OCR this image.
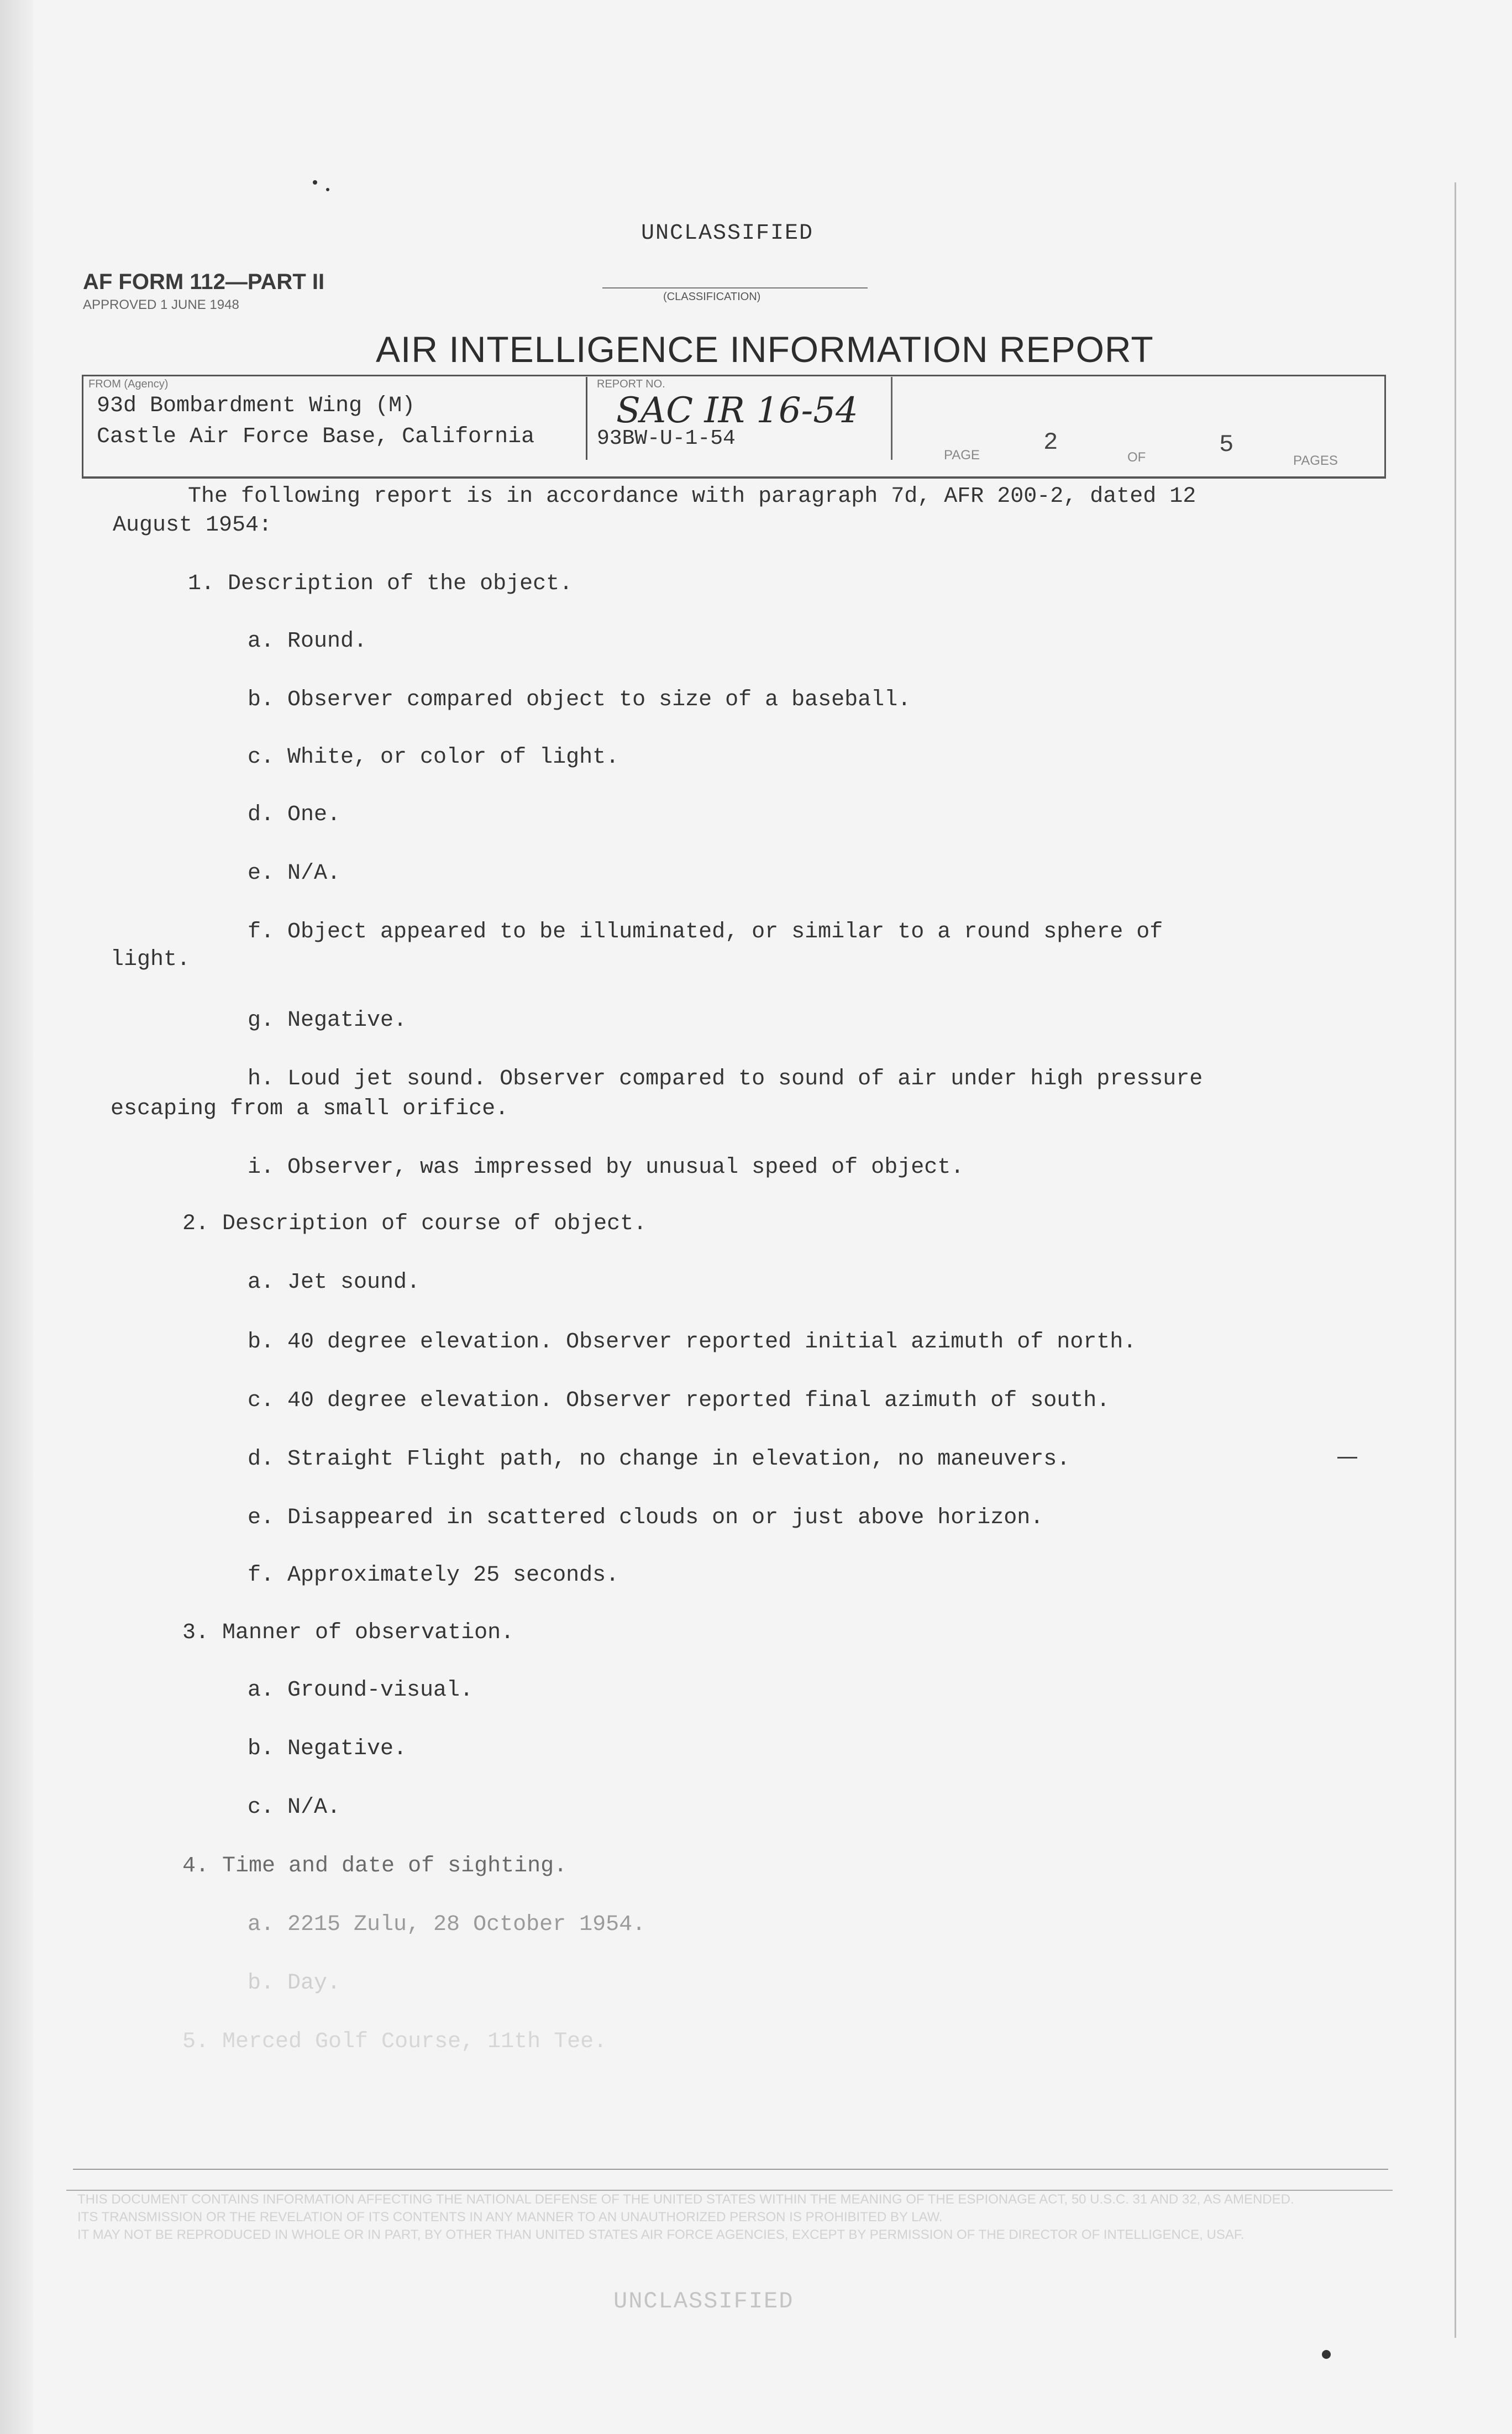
UNCLASSIFIED
(CLASSIFICATION)
AF FORM 112—PART II
APPROVED 1 JUNE 1948
AIR INTELLIGENCE INFORMATION REPORT
FROM (Agency)
93d Bombardment Wing (M)
Castle Air Force Base, California
REPORT NO.
SAC IR 16-54
93BW-U-1-54
PAGE	2
OF	5
PAGES
The following report is in accordance with paragraph 7d, AFR 200-2, dated 12
August 1954:
1. Description of the object.
a. Round.
b. Observer compared object to size of a baseball.
c. White, or color of light.
d. One.
e. N/A.
f. Object appeared to be illuminated, or similar to a round sphere of
light.
g. Negative.
h. Loud jet sound. Observer compared to sound of air under high pressure
escaping from a small orifice.
i. Observer, was impressed by unusual speed of object.
2. Description of course of object.
a. Jet sound.
b. 40 degree elevation. Observer reported initial azimuth of north.
c. 40 degree elevation. Observer reported final azimuth of south.
d. Straight Flight path, no change in elevation, no maneuvers.
e. Disappeared in scattered clouds on or just above horizon.
f. Approximately 25 seconds.
3. Manner of observation.
a. Ground-visual.
b. Negative.
c. N/A.
4. Time and date of sighting.
a. 2215 Zulu, 28 October 1954.
b. Day.
5. Merced Golf Course, 11th Tee.
THIS DOCUMENT CONTAINS INFORMATION AFFECTING THE NATIONAL DEFENSE OF THE UNITED STATES WITHIN THE MEANING OF THE ESPIONAGE ACT, 50 U.S.C. 31 AND 32, AS AMENDED.
ITS TRANSMISSION OR THE REVELATION OF ITS CONTENTS IN ANY MANNER TO AN UNAUTHORIZED PERSON IS PROHIBITED BY LAW.
IT MAY NOT BE REPRODUCED IN WHOLE OR IN PART, BY OTHER THAN UNITED STATES AIR FORCE AGENCIES, EXCEPT BY PERMISSION OF THE DIRECTOR OF INTELLIGENCE, USAF.
UNCLASSIFIED
